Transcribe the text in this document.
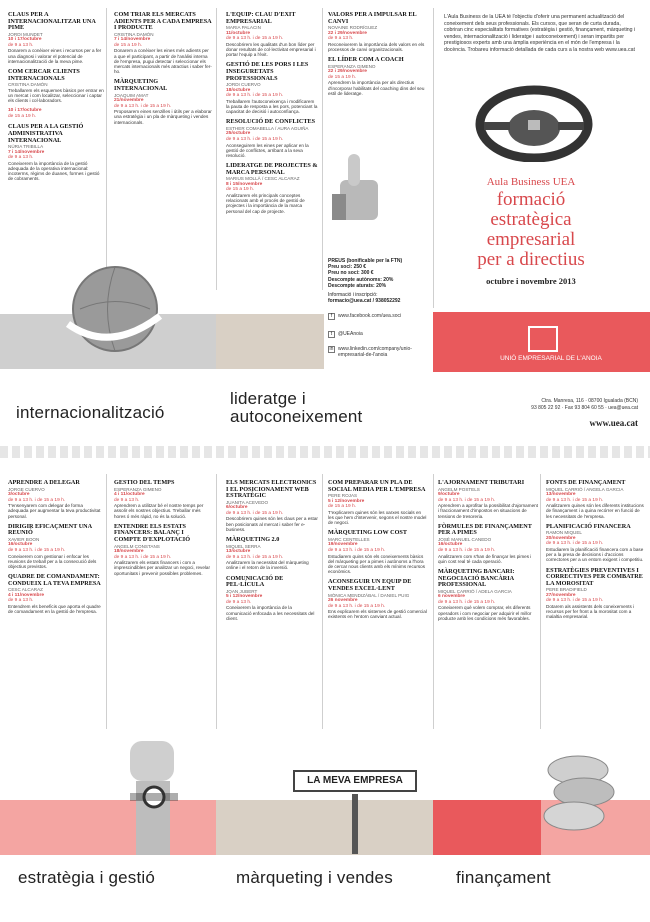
CLAUS PER A INTERNACIONALITZAR UNA PIME
JORDI MUNDET
10 i 17/octubre
de 9 a 13 h.
Donarem a conèixer eines i recursos per a fer una diagnosi i valorar el potencial de internacionalització de la meva pime.
COM CERCAR CLIENTS INTERNACIONALS
CRISTINA DAMÓN
Treballarem els esquemes bàsics per entrar en un mercat i com localitzar, seleccionar i captar els clients i col·laboradors.
10 i 17/octubre
de 15 a 19 h.
CLAUS PER A LA GESTIÓ ADMINISTRATIVA INTERNACIONAL
NÚRIA TRIBILLA
7 i 14/novembre
de 9 a 13 h.
Coneixerem la importància de la gestió adequada de la operativa internacional: incoterms, règims de duanes, formes i gestió de cobraments.
COM TRIAR ELS MERCATS ADIENTS PER A CADA EMPRESA I PRODUCTE
CRISTINA DAMÓN
7 i 14/novembre
de 15 a 19 h.
Donarem a conèixer les eines més adients per a que el participant, a partir de l'anàlisi interna de l'empresa, pugui detectar i seleccionar els mercats internacionals més atractius i saber fer-ho.
MÀRQUETING INTERNACIONAL
JOAQUIM AMAT
21/novembre
de 9 a 13 h. i de 15 a 19 h.
Proposarem eines senzilles i útils per a elaborar una estratègia i un pla de màrqueting i vendes internacionals.
L'EQUIP: CLAU D'ÈXIT EMPRESARIAL
MARIA PALACIN
11/octubre
de 9 a 13 h. i de 15 a 19 h.
Descobrirem les qualitats d'un bon líder per donar resultats de col·lectivitat empresarial i portar l'equip a l'èxit.
GESTIÓ DE LES PORS I LES INSEGURETATS PROFESSIONALS
JORDI CUERVO
18/octubre
de 9 a 13 h. i de 15 a 19 h.
Treballarem l'autoconeixença i modificarem la pauta de resposta a les pors, potenciant la capacitat de decisió i autoconfiança.
RESOLUCIÓ DE CONFLICTES
ESTHER COMABELLA / AURA AGUIÑA
25/octubre
de 9 a 13 h. i de 15 a 19 h.
Aconseguirem les eines per aplicar en la gestió de conflictes, arribant a la seva resolució.
LIDERATGE DE PROJECTES & MARCA PERSONAL
MARIUS MOLLÀ / CESC ALCARAZ
8 i 15/novembre
de 15 a 19 h.
Analitzarem els principals conceptes relacionats amb el procés de gestió de projectes i la importància de la marca personal del cap de projecte.
VALORS PER A IMPULSAR EL CANVI
NOVAINE RODRÍGUEZ
22 i 29/novembre
de 9 a 13 h.
Reconeixerem la importància dels valors en els processos de canvi organitzacionals.
EL LÍDER COM A COACH
ESPERANZA GIMENO
22 i 29/novembre
de 15 a 19 h.
Aprendrem la importància per als directius d'incorporar habilitats del coaching dins del seu estil de lideratge.
L'Aula Business de la UEA té l'objectiu d'oferir una permanent actualització del coneixement dels seus professionals. Els cursos, que seran de curta durada, cobriran cinc especialitats formatives (estratègia i gestió, finançament, màrqueting i vendes, internacionalització i lideratge i autoconeixement) i seran impartits per prestigiosos experts amb una àmplia experiència en el món de l'empresa i la docència. Trobareu informació detallada de cada curs a la nostra web www.uea.cat
Aula Business UEA
formació
estratègica
empresarial
per a directius
octubre i novembre 2013
PREUS (bonificable per la FTN)
Preu soci: 250 €
Preu no soci: 300 €
Descompte autònoms: 20%
Descompte aturats: 20%
Informació i inscripció:
formacio@uea.cat / 938052292
f	www.facebook.com/uea.soci
t	@UEAnoia
in www.linkedin.com/company/unio-empresarial-de-l'anoia	UNIÓ EMPRESARIAL DE L'ANOIA
internacionalització
lideratge i autoconeixement
Ctra. Manresa, 116 · 08700 Igualada (BCN)
93 805 22 92 · Fax 93 804 60 55 · uea@uea.cat
www.uea.cat
APRENDRE A DELEGAR
JORGE CUERVO
3/octubre
de 9 a 13 h. i de 15 a 19 h.
T'ensenyarem com delegar de forma adequada per augmentar la teva productivitat personal.
DIRIGIR EFICAÇMENT UNA REUNIÓ
XAVIER BOON
16/octubre
de 9 a 13 h. i de 15 a 19 h.
Coneixerem com gestionar i enfocar les reunions de treball per a la consecució dels objectius previstos.
QUADRE DE COMANDAMENT: CONDUEIX LA TEVA EMPRESA
CESC ALCARAZ
4 i 11/novembre
de 9 a 13 h.
Entendrem els beneficis que aporta el quadre de comandament en la gestió de l'empresa.
GESTIÓ DEL TEMPS
ESPERANZA GIMENO
4 i 11/octubre
de 9 a 13 h.
Aprendrem a utilitzar bé el nostre temps per assolir els nostres objectius. Treballar més hores ó més ràpid, no és la solució.
ENTENDRE ELS ESTATS FINANCERS: BALANÇ I COMPTE D'EXPLOTACIÓ
ANGELM CONSTANS
18/novembre
de 9 a 13 h. i de 15 a 19 h.
Analitzarem els estats financers i com a imprescindibles per analitzar un negoci, revelar oportunitats i prevenir possibles problemes.
ELS MERCATS ELECTRÒNICS I EL POSICIONAMENT WEB ESTRATÈGIC
JUANITA ACEVEDO
6/octubre
de 9 a 13 h. i de 15 a 19 h.
Descobrirem quines són les claus per a estar ben posicionats al mercat i saber fer e-business.
MÀRQUETING 2.0
MIQUEL SERRA
13/octubre
de 9 a 13 h. i de 15 a 19 h.
Analitzarem la necessitat del màrqueting online i el retorn de la inversió.
COMUNICACIÓ DE PEL·LÍCULA
JOAN JUBERT
5 i 12/novembre
de 9 a 13 h.
Coneixerem la importància de la comunicació enfocada a les necessitats del client.
COM PREPARAR UN PLA DE SOCIAL MEDIA PER L'EMPRESA
PERE ROJAS
5 i 12/novembre
de 15 a 19 h.
T'explicarem quines són les xarxes socials en les que hem d'intervenir, segons el nostre model de negoci.
MÀRQUETING LOW COST
MARC CENTELLES
19/novembre
de 9 a 13 h. i de 15 a 19 h.
Estudiarem quins són els coneixements bàsics del màrqueting per a pimes i autònoms a l'hora de cercar nous clients amb els mínims recursos econòmics.
ACONSEGUIR UN EQUIP DE VENDES EXCEL·LENT
MÒNICA MENDIZÁBAL / DANIEL PUIG
26 novembre
de 9 a 13 h. i de 15 a 19 h.
Ens explicarem els sistemes de gestió comercial existents en l'entorn canviant actual.
L'AJORNAMENT TRIBUTARI
ANGELM POSTELS
9/octubre
de 9 a 13 h. i de 15 a 19 h.
Aprendrem a aprofitar la possibilitat d'ajornament i fraccionament d'impostos en situacions de tensions de tresoreria.
FÒRMULES DE FINANÇAMENT PER A PIMES
JOSÉ MANUEL CANEDO
16/octubre
de 9 a 13 h. i de 15 a 19 h.
Analitzarem com s'han de finançar les pimes i quin cost real té cada operació.
MÀRQUETING BANCARI: NEGOCIACIÓ BANCÀRIA PROFESSIONAL
MIQUEL CARRIÓ / ADELA GARCIA
6 novembre
de 9 a 13 h. i de 15 a 19 h.
Coneixerem què volem comprar, els diferents operadors i com negociar per adquirir el millor producte amb les condicions més favorables.
FONTS DE FINANÇAMENT
MIQUEL CARRIÓ / ANGELA GARCIA
13/novembre
de 9 a 13 h. i de 15 a 19 h.
Analitzarem quines són les diferents institucions de finançament i a quina recórrer en funció de les necessitats de l'empresa.
PLANIFICACIÓ FINANCERA
RAMON MIQUEL
20/novembre
de 9 a 13 h. i de 15 a 19 h.
Estudiarem la planificació financera com a base per a la presa de decisions i d'accions correctores per a un entorn exigent i competitiu.
ESTRATÈGIES PREVENTIVES I CORRECTIVES PER COMBATRE LA MOROSITAT
PERE BRADIFIELD
27/novembre
de 9 a 13 h. i de 15 a 19 h.
Dotarem als assistents dels coneixements i recursos per fer front a la morositat com a malaltia empresarial.
LA MEVA EMPRESA
estratègia i gestió	màrqueting i vendes	finançament
